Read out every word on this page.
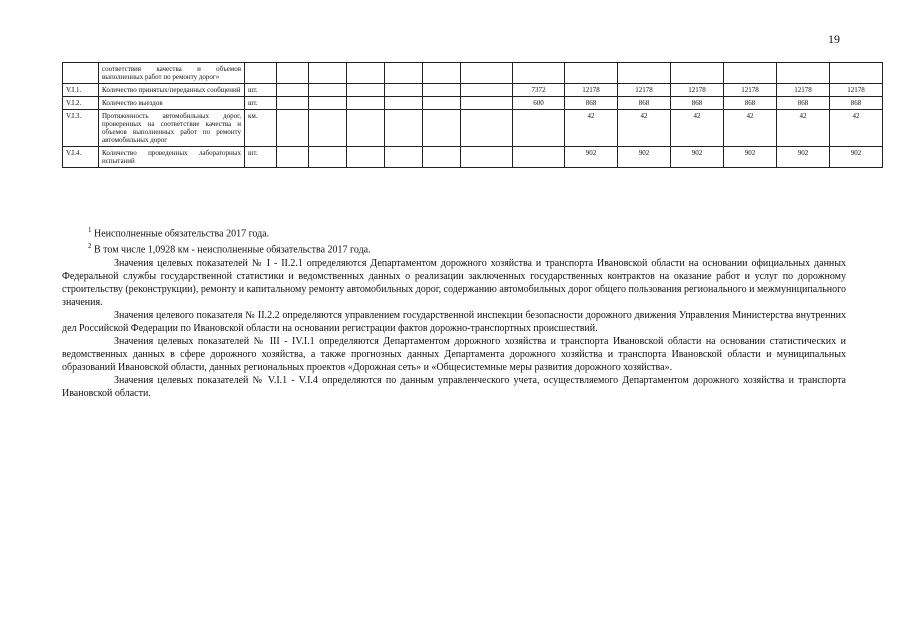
19
	соответствия качества и объемов выполненных работ по ремонту дорог»														
V.I.1.	Количество принятых/переданных сообщений	шт.							7372	12178	12178	12178	12178	12178	12178
V.I.2.	Количество выездов	шт.							600	868	868	868	868	868	868
V.I.3.	Протяженность автомобильных дорог, проверенных на соответствие качества и объемов выполненных работ по ремонту автомобильных дорог	км.								42	42	42	42	42	42
V.I.4.	Количество проведенных лабораторных испытаний	шт.								902	902	902	902	902	902
$^1$ Неисполненные обязательства 2017 года.
$^2$ В том числе 1,0928 км - неисполненные обязательства 2017 года.

Значения целевых показателей № I - II.2.1 определяются Департаментом дорожного хозяйства и транспорта Ивановской области на основании официальных данных Федеральной службы государственной статистики и ведомственных данных о реализации заключенных государственных контрактов на оказание работ и услуг по дорожному строительству (реконструкции), ремонту и капитальному ремонту автомобильных дорог, содержанию автомобильных дорог общего пользования регионального и межмуниципального значения.

Значения целевого показателя № II.2.2 определяются управлением государственной инспекции безопасности дорожного движения Управления Министерства внутренних дел Российской Федерации по Ивановской области на основании регистрации фактов дорожно-транспортных происшествий.

Значения целевых показателей № III - IV.I.1 определяются Департаментом дорожного хозяйства и транспорта Ивановской области на основании статистических и ведомственных данных в сфере дорожного хозяйства, а также прогнозных данных Департамента дорожного хозяйства и транспорта Ивановской области и муниципальных образований Ивановской области, данных региональных проектов «Дорожная сеть» и «Общесистемные меры развития дорожного хозяйства».

Значения целевых показателей № V.I.1 - V.I.4 определяются по данным управленческого учета, осуществляемого Департаментом дорожного хозяйства и транспорта Ивановской области.
